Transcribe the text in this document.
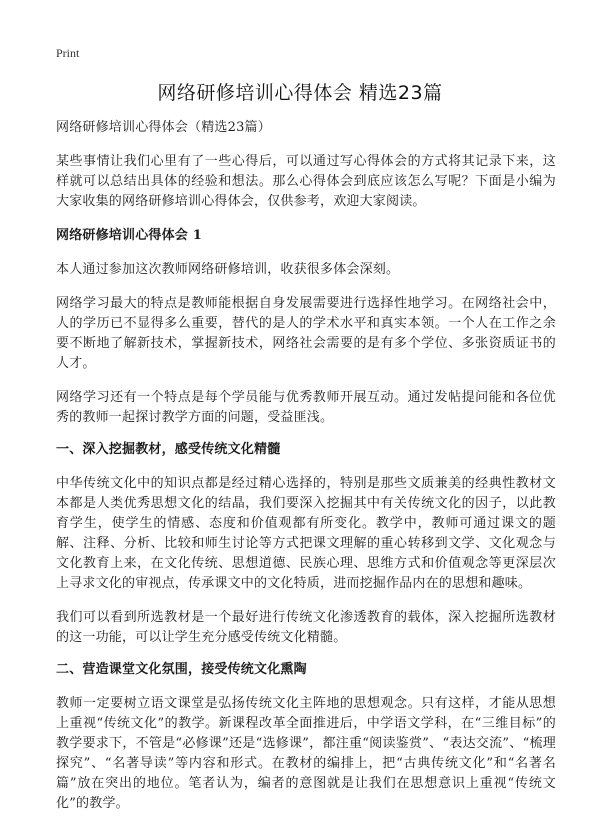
Print
网络研修培训心得体会 精选23篇

网络研修培训心得体会（精选23篇）

某些事情让我们心里有了一些心得后，可以通过写心得体会的方式将其记录下来，这样就可以总结出具体的经验和想法。那么心得体会到底应该怎么写呢？下面是小编为大家收集的网络研修培训心得体会，仅供参考，欢迎大家阅读。

网络研修培训心得体会 1

本人通过参加这次教师网络研修培训，收获很多体会深刻。

网络学习最大的特点是教师能根据自身发展需要进行选择性地学习。在网络社会中，人的学历已不显得多么重要，替代的是人的学术水平和真实本领。一个人在工作之余要不断地了解新技术，掌握新技术，网络社会需要的是有多个学位、多张资质证书的人才。

网络学习还有一个特点是每个学员能与优秀教师开展互动。通过发帖提问能和各位优秀的教师一起探讨教学方面的问题，受益匪浅。

一、深入挖掘教材，感受传统文化精髓

中华传统文化中的知识点都是经过精心选择的，特别是那些文质兼美的经典性教材文本都是人类优秀思想文化的结晶，我们要深入挖掘其中有关传统文化的因子，以此教育学生，使学生的情感、态度和价值观都有所变化。教学中，教师可通过课文的题解、注释、分析、比较和师生讨论等方式把课文理解的重心转移到文学、文化观念与文化教育上来，在文化传统、思想道德、民族心理、思维方式和价值观念等更深层次上寻求文化的审视点，传承课文中的文化特质，进而挖掘作品内在的思想和趣味。

我们可以看到所选教材是一个最好进行传统文化渗透教育的载体，深入挖掘所选教材的这一功能，可以让学生充分感受传统文化精髓。

二、营造课堂文化氛围，接受传统文化熏陶

教师一定要树立语文课堂是弘扬传统文化主阵地的思想观念。只有这样，才能从思想上重视“传统文化”的教学。新课程改革全面推进后，中学语文学科，在“三维目标”的教学要求下，不管是“必修课”还是“选修课”，都注重“阅读鉴赏”、“表达交流”、“梳理探究”、“名著导读”等内容和形式。在教材的编排上，把“古典传统文化”和“名著名篇”放在突出的地位。笔者认为，编者的意图就是让我们在思想意识上重视“传统文化”的教学。
